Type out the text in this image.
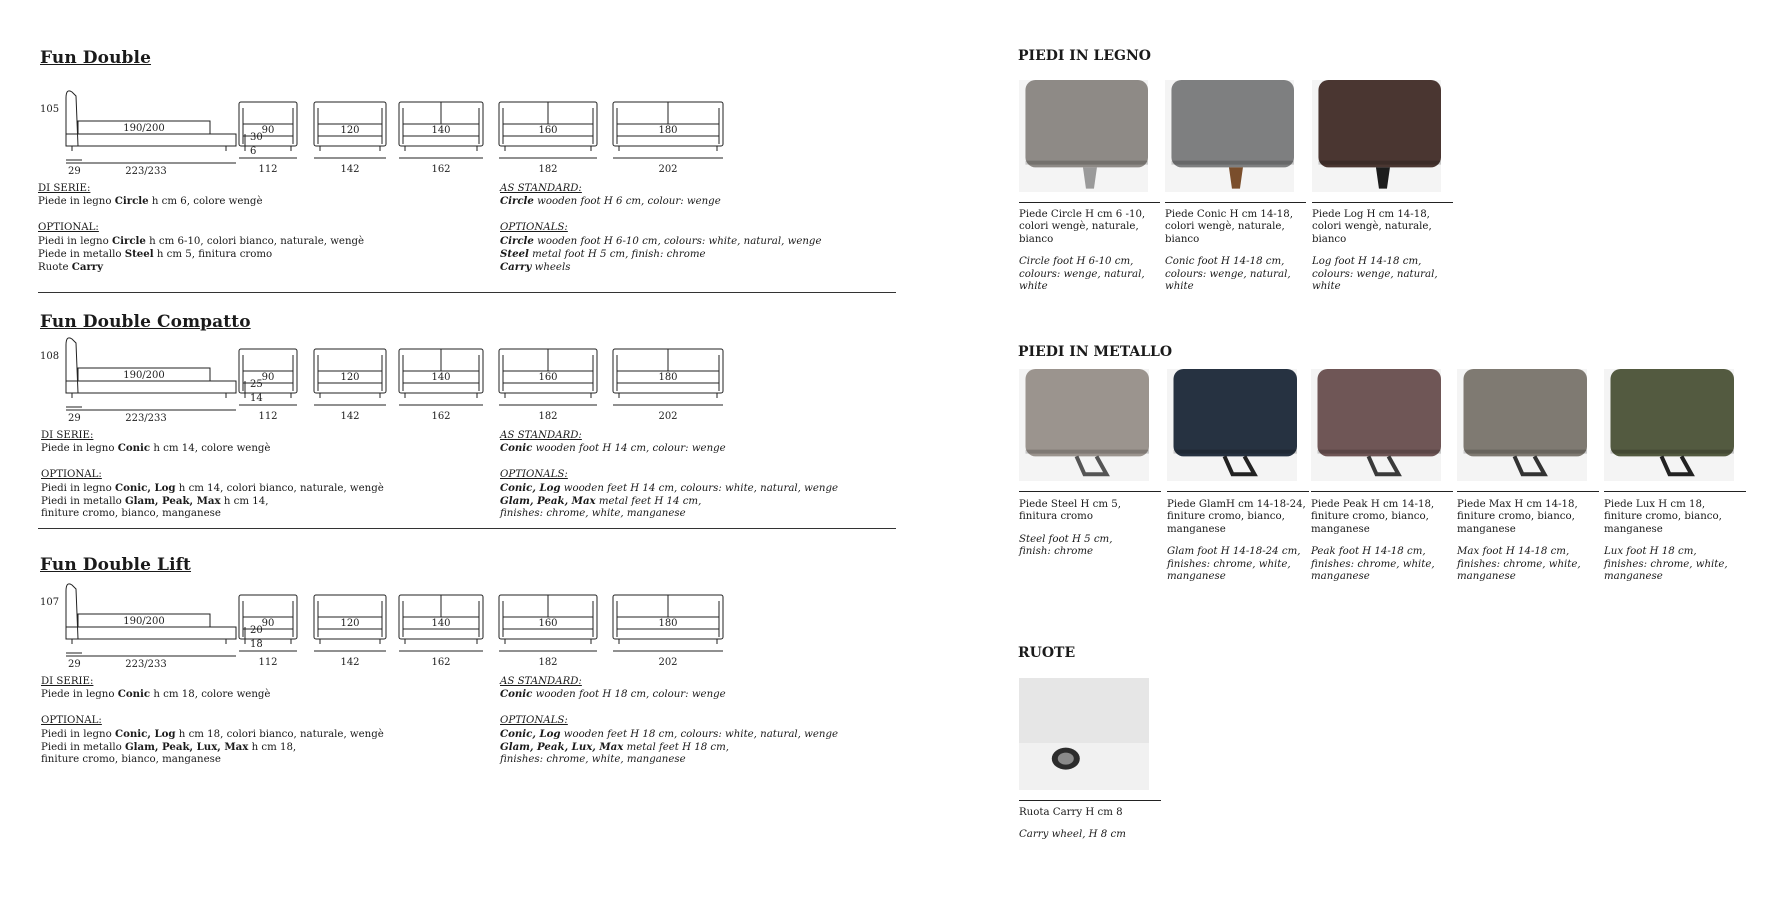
Fun Double
105
190/200
30
6
29	223/233
90
112
120
142
140
162
160
182
180
202
DI SERIE:
Piede in legno Circle h cm 6, colore wengè
OPTIONAL:
Piedi in legno Circle h cm 6-10, colori bianco, naturale, wengè
Piede in metallo Steel h cm 5, finitura cromo
Ruote Carry
AS STANDARD:
Circle wooden foot H 6 cm, colour: wenge
OPTIONALS:
Circle wooden foot H 6-10 cm, colours: white, natural, wenge
Steel metal foot H 5 cm, finish: chrome
Carry wheels
Fun Double Compatto
108
190/200
25
14
29	223/233
90
112
120
142
140
162
160
182
180
202
DI SERIE:
Piede in legno Conic h cm 14, colore wengè
OPTIONAL:
Piedi in legno Conic, Log h cm 14, colori bianco, naturale, wengè
Piedi in metallo Glam, Peak, Max h cm 14,
finiture cromo, bianco, manganese
AS STANDARD:
Conic wooden foot H 14 cm, colour: wenge
OPTIONALS:
Conic, Log wooden feet H 14 cm, colours: white, natural, wenge
Glam, Peak, Max metal feet H 14 cm,
finishes: chrome, white, manganese
Fun Double Lift
107
190/200
20
18
29	223/233
90
112
120
142
140
162
160
182
180
202
DI SERIE:
Piede in legno Conic h cm 18, colore wengè
OPTIONAL:
Piedi in legno Conic, Log h cm 18, colori bianco, naturale, wengè
Piedi in metallo Glam, Peak, Lux, Max h cm 18,
finiture cromo, bianco, manganese
AS STANDARD:
Conic wooden foot H 18 cm, colour: wenge
OPTIONALS:
Conic, Log wooden feet H 18 cm, colours: white, natural, wenge
Glam, Peak, Lux, Max metal feet H 18 cm,
finishes: chrome, white, manganese
PIEDI IN LEGNO
Piede Circle H cm 6 -10,
colori wengè, naturale,
bianco
Circle foot H 6-10 cm,
colours: wenge, natural,
white
Piede Conic H cm 14-18,
colori wengè, naturale,
bianco
Conic foot H 14-18 cm,
colours: wenge, natural,
white
Piede Log H cm 14-18,
colori wengè, naturale,
bianco
Log foot H 14-18 cm,
colours: wenge, natural,
white
PIEDI IN METALLO
Piede Steel H cm 5,
finitura cromo
Steel foot H 5 cm,
finish: chrome
Piede GlamH cm 14-18-24,
finiture cromo, bianco,
manganese
Glam foot H 14-18-24 cm,
finishes: chrome, white,
manganese
Piede Peak H cm 14-18,
finiture cromo, bianco,
manganese
Peak foot H 14-18 cm,
finishes: chrome, white,
manganese
Piede Max H cm 14-18,
finiture cromo, bianco,
manganese
Max foot H 14-18 cm,
finishes: chrome, white,
manganese
Piede Lux H cm 18,
finiture cromo, bianco,
manganese
Lux foot H 18 cm,
finishes: chrome, white,
manganese
RUOTE
Ruota Carry H cm 8
Carry wheel, H 8 cm
